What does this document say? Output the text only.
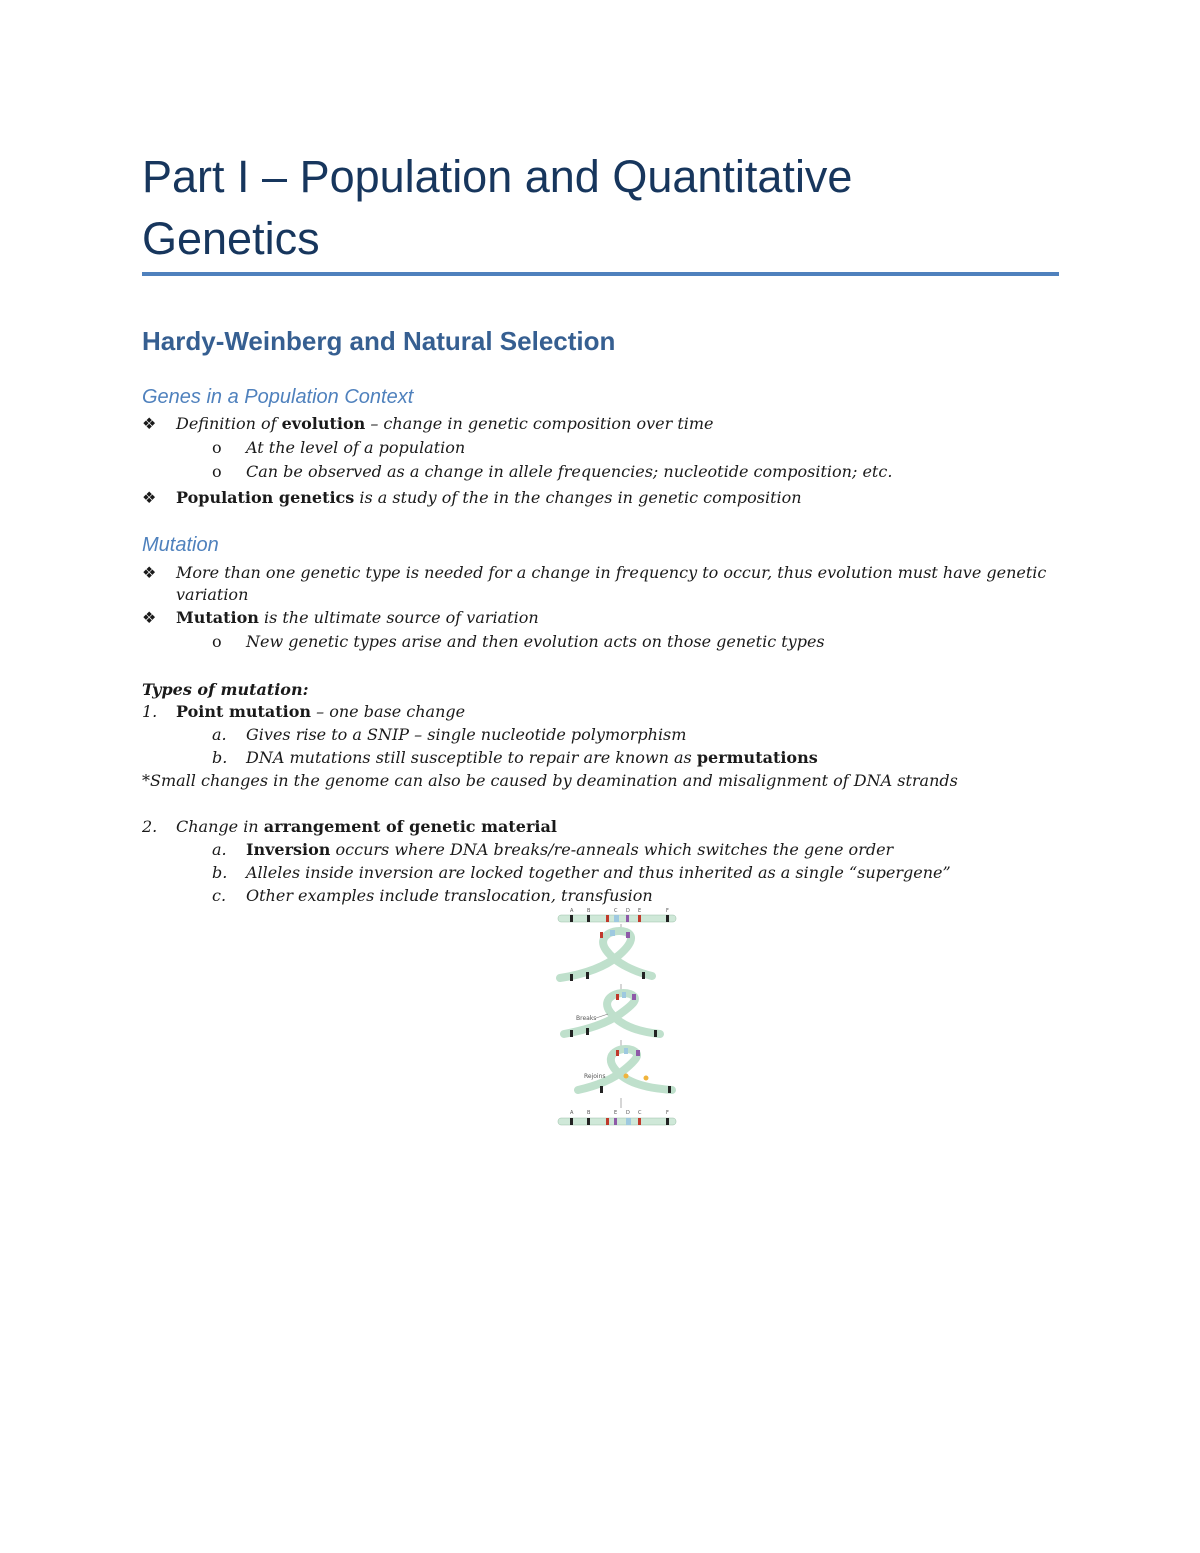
Part I – Population and Quantitative
Genetics
Hardy-Weinberg and Natural Selection
Genes in a Population Context
❖ Definition of evolution – change in genetic composition over time
o At the level of a population
o Can be observed as a change in allele frequencies; nucleotide composition; etc.
❖ Population genetics is a study of the in the changes in genetic composition
Mutation
❖ More than one genetic type is needed for a change in frequency to occur, thus evolution must have genetic
variation
❖ Mutation is the ultimate source of variation
o New genetic types arise and then evolution acts on those genetic types
Types of mutation:
1. Point mutation – one base change
a. Gives rise to a SNIP – single nucleotide polymorphism
b. DNA mutations still susceptible to repair are known as permutations
*Small changes in the genome can also be caused by deamination and misalignment of DNA strands
2. Change in arrangement of genetic material
a. Inversion occurs where DNA breaks/re-anneals which switches the gene order
b. Alleles inside inversion are locked together and thus inherited as a single “supergene”
c. Other examples include translocation, transfusion
A	B	C D E	F
Breaks
Rejoins
A	B	E D C	F
